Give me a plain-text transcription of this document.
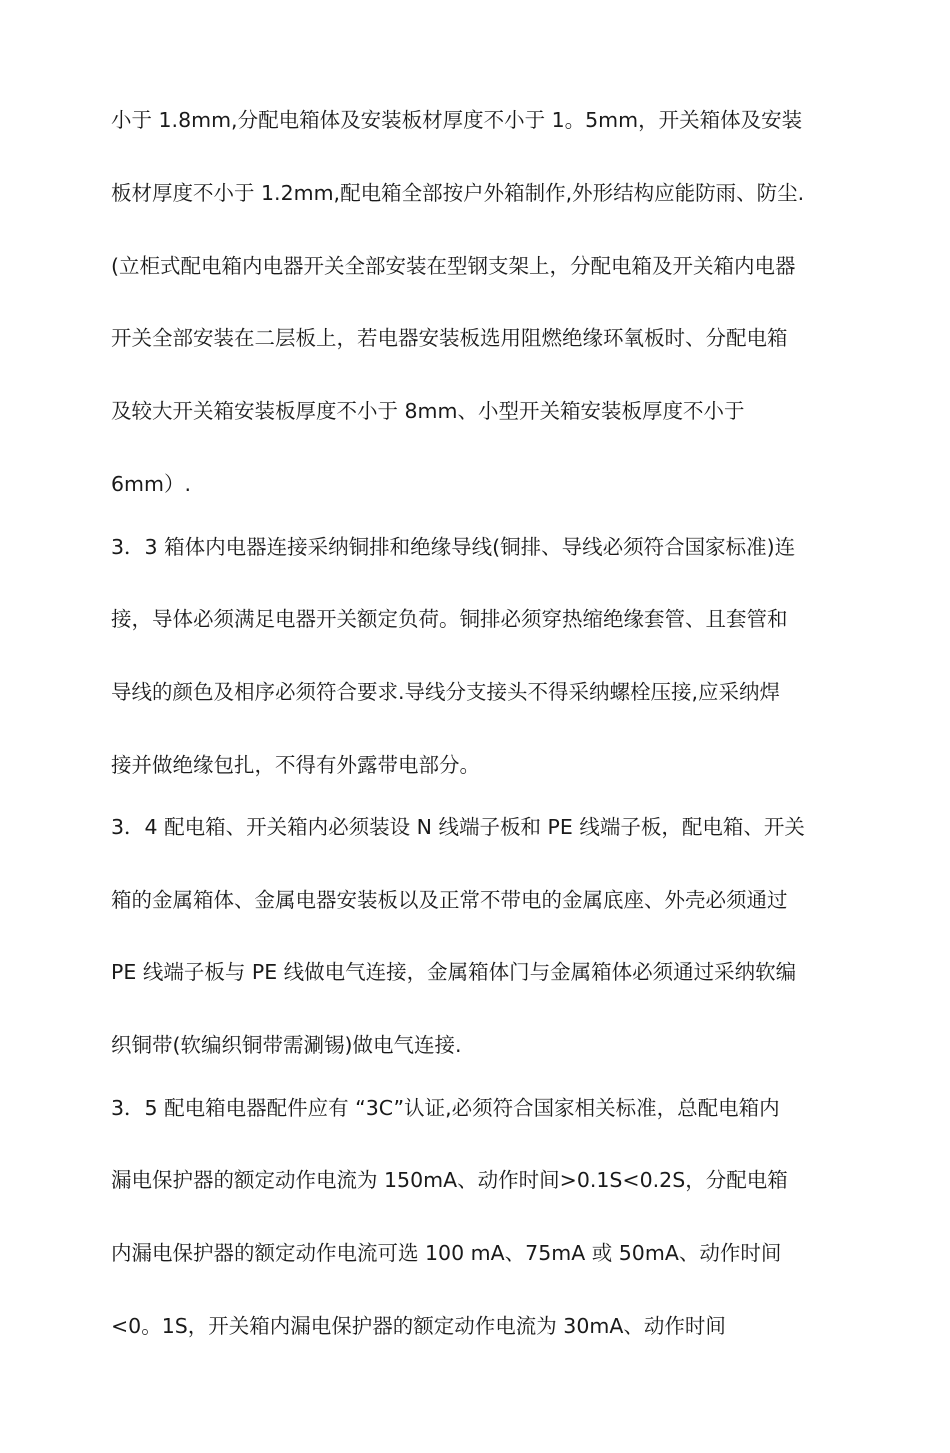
小于 1.8mm,分配电箱体及安装板材厚度不小于 1。5mm，开关箱体及安装
板材厚度不小于 1.2mm,配电箱全部按户外箱制作,外形结构应能防雨、防尘.
(立柜式配电箱内电器开关全部安装在型钢支架上，分配电箱及开关箱内电器
开关全部安装在二层板上，若电器安装板选用阻燃绝缘环氧板时、分配电箱
及较大开关箱安装板厚度不小于 8mm、小型开关箱安装板厚度不小于
6mm）.
3．3 箱体内电器连接采纳铜排和绝缘导线(铜排、导线必须符合国家标准)连
接，导体必须满足电器开关额定负荷。铜排必须穿热缩绝缘套管、且套管和
导线的颜色及相序必须符合要求.导线分支接头不得采纳螺栓压接,应采纳焊
接并做绝缘包扎，不得有外露带电部分。
3．4 配电箱、开关箱内必须装设 N 线端子板和 PE 线端子板，配电箱、开关
箱的金属箱体、金属电器安装板以及正常不带电的金属底座、外壳必须通过
PE 线端子板与 PE 线做电气连接，金属箱体门与金属箱体必须通过采纳软编
织铜带(软编织铜带需涮锡)做电气连接.
3．5 配电箱电器配件应有 “3C”认证,必须符合国家相关标准，总配电箱内
漏电保护器的额定动作电流为 150mA、动作时间>0.1S<0.2S，分配电箱
内漏电保护器的额定动作电流可选 100 mA、75mA 或 50mA、动作时间
<0。1S，开关箱内漏电保护器的额定动作电流为 30mA、动作时间
